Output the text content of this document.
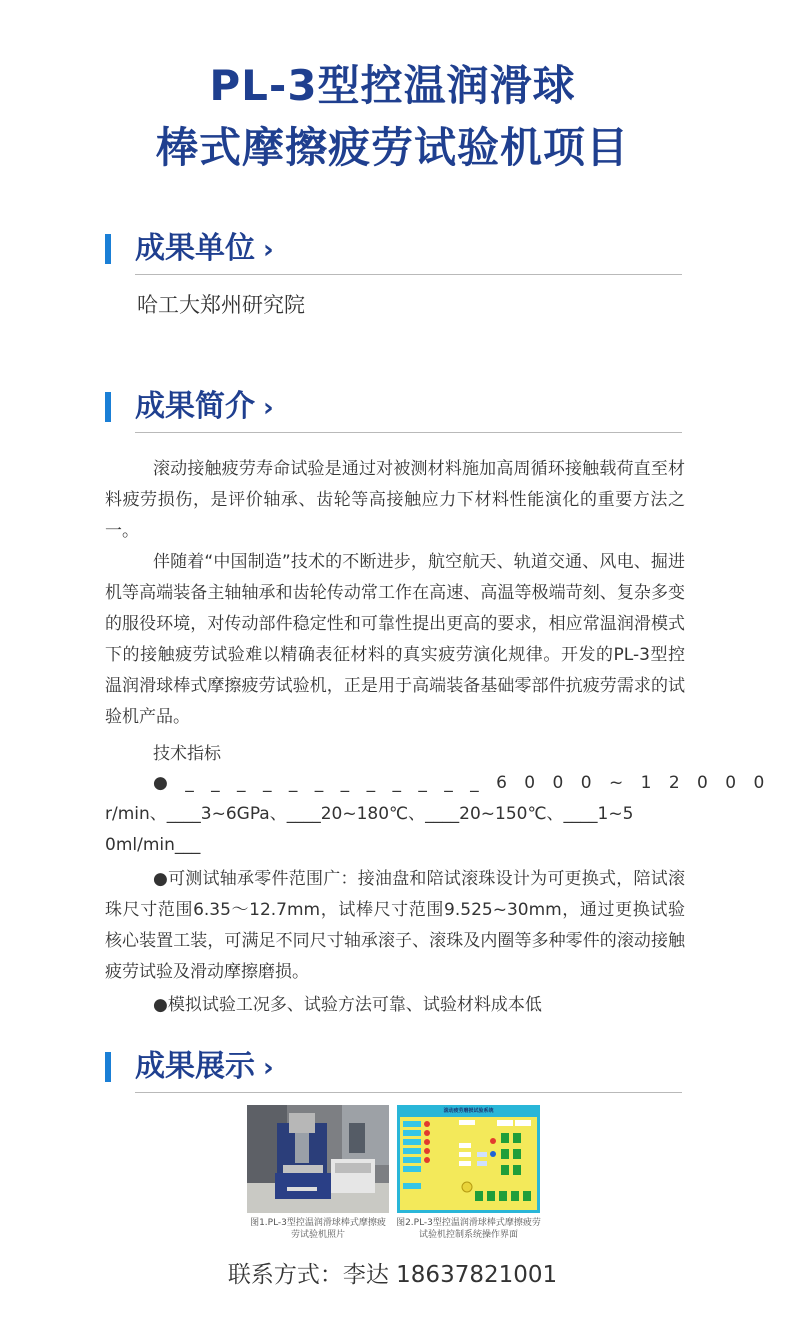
PL-3型控温润滑球
棒式摩擦疲劳试验机项目
成果单位 ›
哈工大郑州研究院
成果简介 ›

滚动接触疲劳寿命试验是通过对被测材料施加高周循环接触载荷直至材料疲劳损伤，是评价轴承、齿轮等高接触应力下材料性能演化的重要方法之一。

伴随着“中国制造”技术的不断进步，航空航天、轨道交通、风电、掘进机等高端装备主轴轴承和齿轮传动常工作在高速、高温等极端苛刻、复杂多变的服役环境，对传动部件稳定性和可靠性提出更高的要求，相应常温润滑模式下的接触疲劳试验难以精确表征材料的真实疲劳演化规律。开发的PL-3型控温润滑球棒式摩擦疲劳试验机，正是用于高端装备基础零部件抗疲劳需求的试验机产品。

技术指标

● _ _ _ _ _ _ _ _ _ _ _ _ 6 0 0 0 ~ 1 2 0 0 0
r/min、____3~6GPa、____20~180℃、____20~150℃、____1~5
0ml/min___

●可测试轴承零件范围广：接油盘和陪试滚珠设计为可更换式，陪试滚珠尺寸范围6.35～12.7mm，试棒尺寸范围9.525~30mm，通过更换试验核心装置工装，可满足不同尺寸轴承滚子、滚珠及内圈等多种零件的滚动接触疲劳试验及滑动摩擦磨损。

●模拟试验工况多、试验方法可靠、试验材料成本低

成果展示 ›
滚动疲劳磨损试验系统
图1.PL-3型控温润滑球棒式摩擦疲劳试验机照片
图2.PL-3型控温润滑球棒式摩擦疲劳试验机控制系统操作界面
联系方式：李达 18637821001
